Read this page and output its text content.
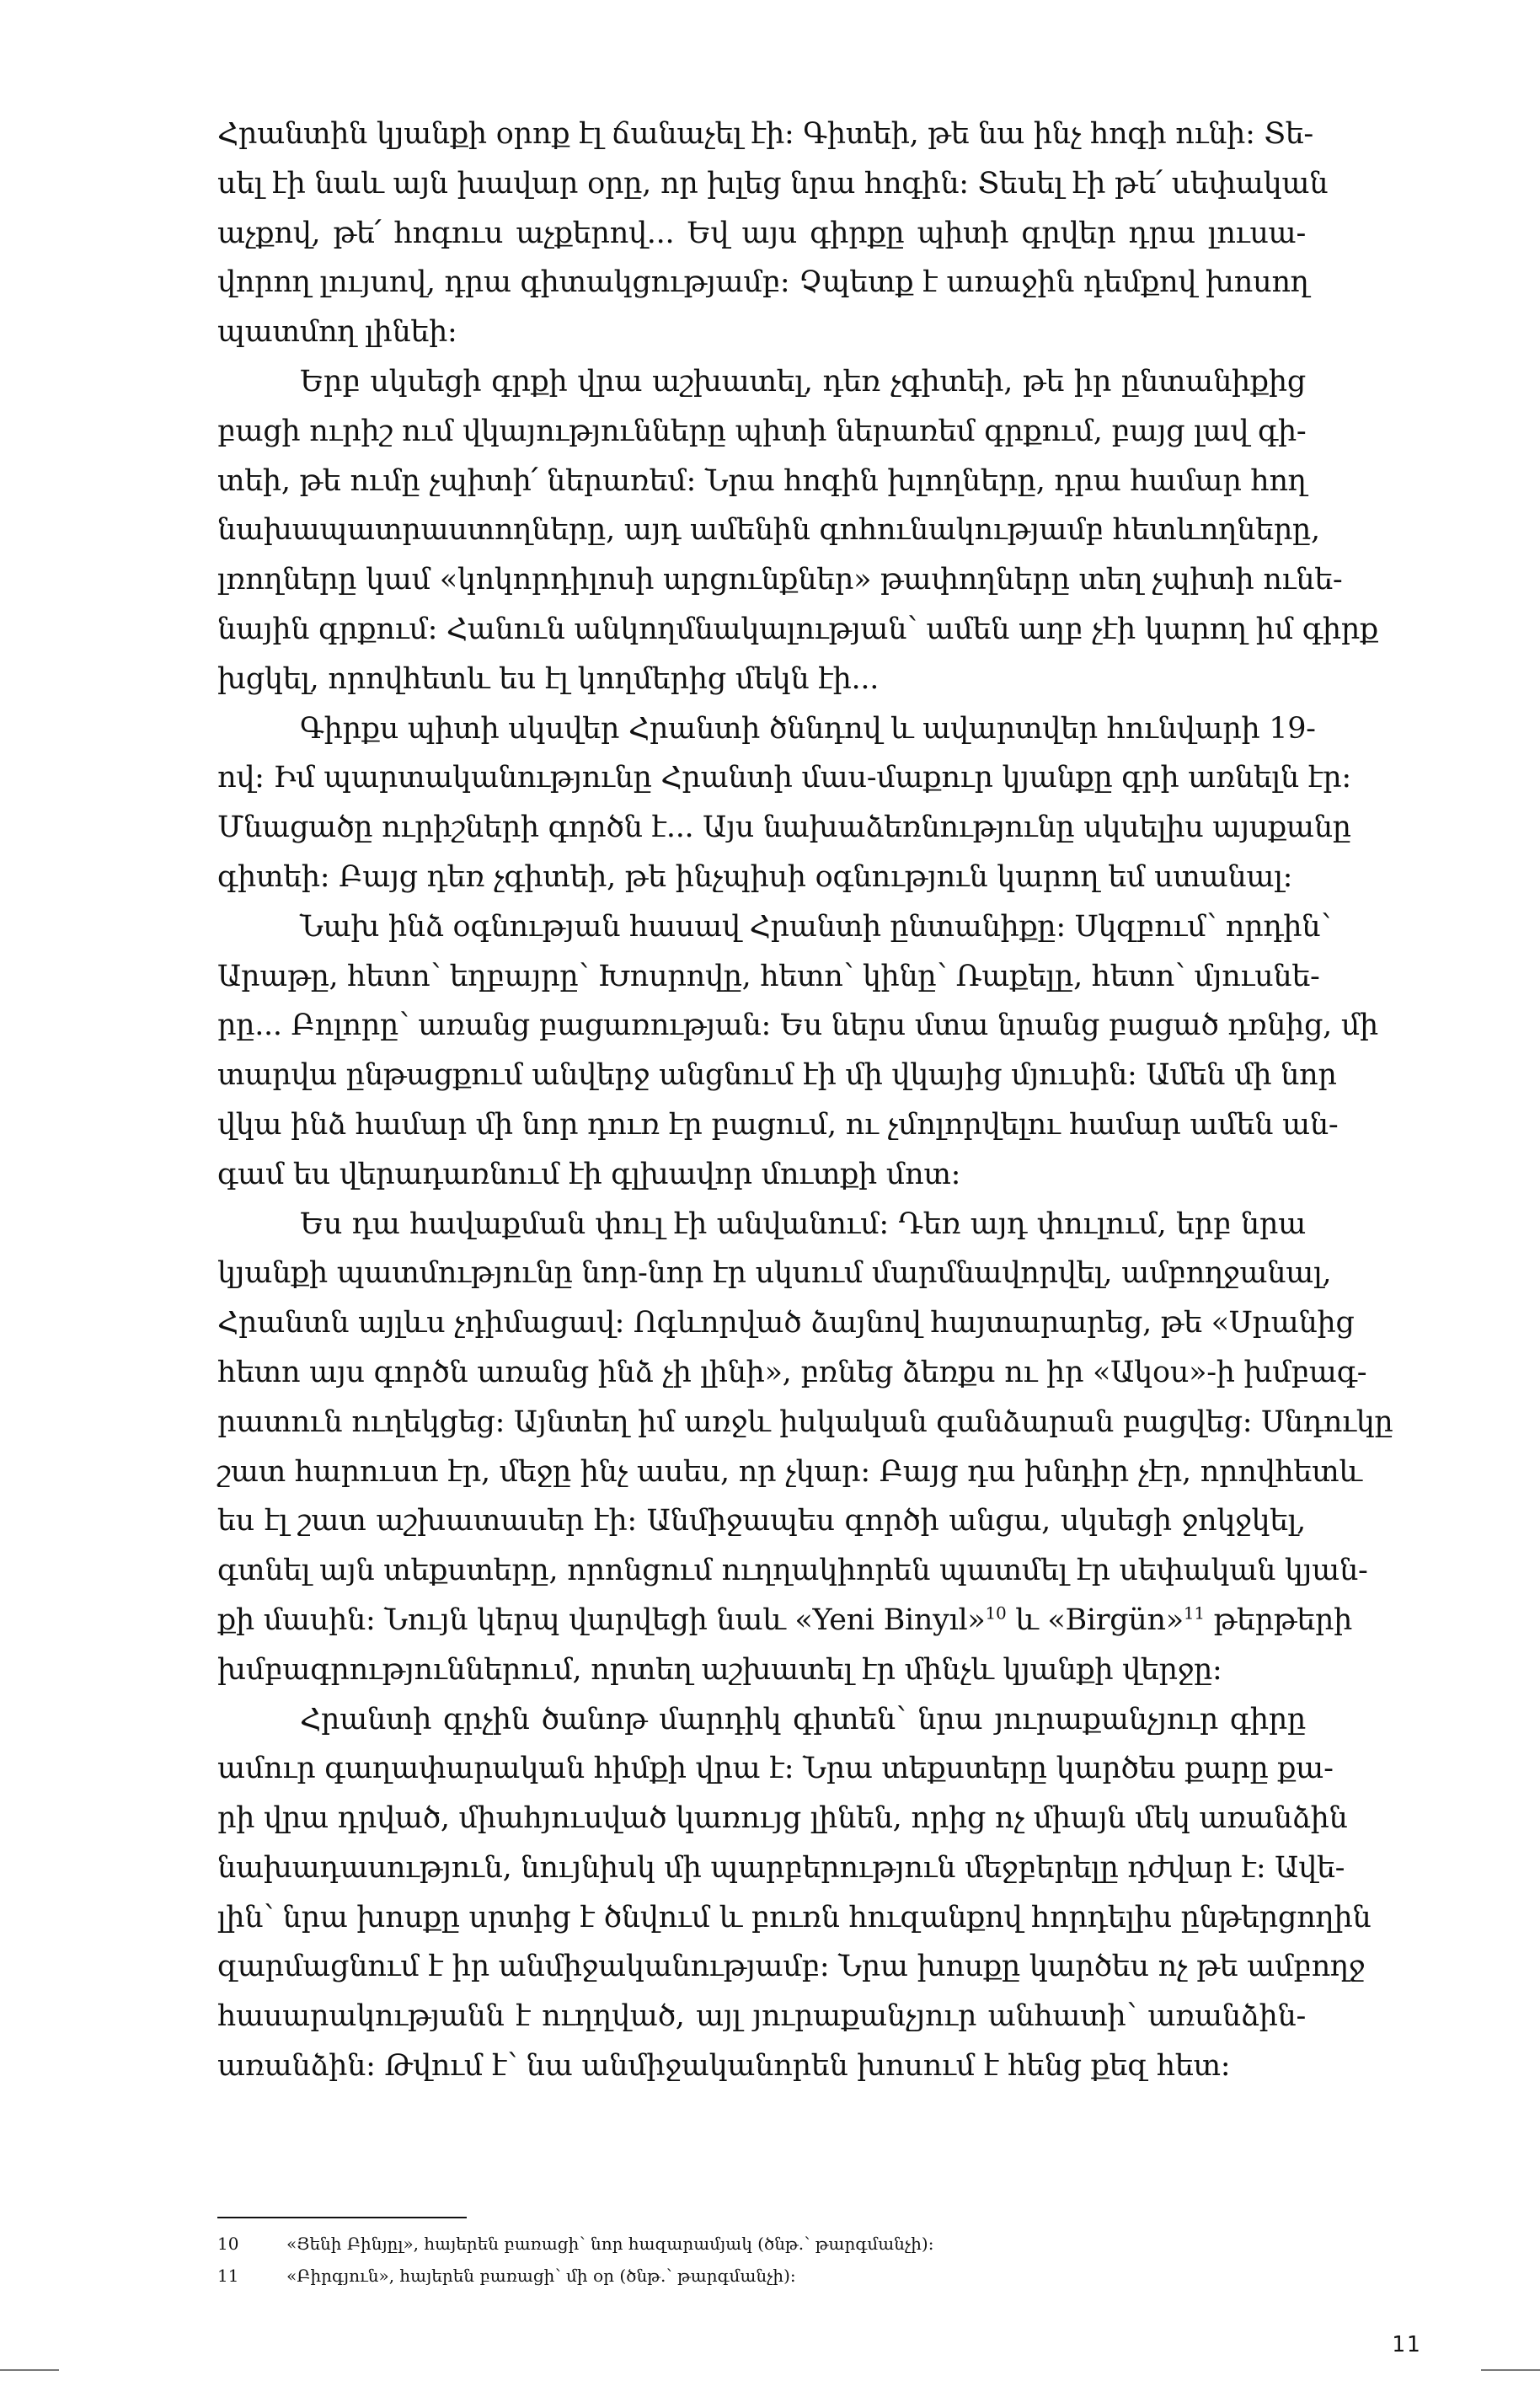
Հրանտին կյանքի օրոք էլ ճանաչել էի: Գիտեի, թե նա ինչ հոգի ունի: Տե-
սել էի նաև այն խավար օրը, որ խլեց նրա հոգին: Տեսել էի թե՛ սեփական
աչքով, թե՛ հոգուս աչքերով... Եվ այս գիրքը պիտի գրվեր դրա լուսա-
վորող լույսով, դրա գիտակցությամբ: Չպետք է առաջին դեմքով խոսող
պատմող լինեի:
Երբ սկսեցի գրքի վրա աշխատել, դեռ չգիտեի, թե իր ընտանիքից
բացի ուրիշ ում վկայությունները պիտի ներառեմ գրքում, բայց լավ գի-
տեի, թե ումը չպիտի՛ ներառեմ: Նրա հոգին խլողները, դրա համար հող
նախապատրաստողները, այդ ամենին գոհունակությամբ հետևողները,
լռողները կամ «կոկորդիլոսի արցունքներ» թափողները տեղ չպիտի ունե-
նային գրքում: Հանուն անկողմնակալության՝ ամեն աղբ չէի կարող իմ գիրք
խցկել, որովհետև ես էլ կողմերից մեկն էի...
Գիրքս պիտի սկսվեր Հրանտի ծննդով և ավարտվեր հունվարի 19-
ով: Իմ պարտականությունը Հրանտի մաս-մաքուր կյանքը գրի առնելն էր:
Մնացածը ուրիշների գործն է... Այս նախաձեռնությունը սկսելիս այսքանը
գիտեի: Բայց դեռ չգիտեի, թե ինչպիսի օգնություն կարող եմ ստանալ:
Նախ ինձ օգնության հասավ Հրանտի ընտանիքը: Սկզբում՝ որդին՝
Արաթը, հետո՝ եղբայրը՝ Խոսրովը, հետո՝ կինը՝ Ռաքելը, հետո՝ մյուսնե-
րը... Բոլորը՝ առանց բացառության: Ես ներս մտա նրանց բացած դռնից, մի
տարվա ընթացքում անվերջ անցնում էի մի վկայից մյուսին: Ամեն մի նոր
վկա ինձ համար մի նոր դուռ էր բացում, ու չմոլորվելու համար ամեն ան-
գամ ես վերադառնում էի գլխավոր մուտքի մոտ:
Ես դա հավաքման փուլ էի անվանում: Դեռ այդ փուլում, երբ նրա
կյանքի պատմությունը նոր-նոր էր սկսում մարմնավորվել, ամբողջանալ,
Հրանտն այլևս չդիմացավ: Ոգևորված ձայնով հայտարարեց, թե «Սրանից
հետո այս գործն առանց ինձ չի լինի», բռնեց ձեռքս ու իր «Ակօս»-ի խմբագ-
րատուն ուղեկցեց: Այնտեղ իմ առջև իսկական գանձարան բացվեց: Սնդուկը
շատ հարուստ էր, մեջը ինչ ասես, որ չկար: Բայց դա խնդիր չէր, որովհետև
ես էլ շատ աշխատասեր էի: Անմիջապես գործի անցա, սկսեցի ջոկջկել,
գտնել այն տեքստերը, որոնցում ուղղակիորեն պատմել էր սեփական կյան-
քի մասին: Նույն կերպ վարվեցի նաև «Yeni Binyıl»$^{10}$ և «Birgün»$^{11}$ թերթերի
խմբագրություններում, որտեղ աշխատել էր մինչև կյանքի վերջը:
Հրանտի գրչին ծանոթ մարդիկ գիտեն՝ նրա յուրաքանչյուր գիրը
ամուր գաղափարական հիմքի վրա է: Նրա տեքստերը կարծես քարը քա-
րի վրա դրված, միահյուսված կառույց լինեն, որից ոչ միայն մեկ առանձին
նախադասություն, նույնիսկ մի պարբերություն մեջբերելը դժվար է: Ավե-
լին՝ նրա խոսքը սրտից է ծնվում և բուռն հուզանքով հորդելիս ընթերցողին
զարմացնում է իր անմիջականությամբ: Նրա խոսքը կարծես ոչ թե ամբողջ
հասարակությանն է ուղղված, այլ յուրաքանչյուր անհատի՝ առանձին-
առանձին: Թվում է՝ նա անմիջականորեն խոսում է հենց քեզ հետ:
10	«Յենի Բինյըլ», հայերեն բառացի՝ նոր հազարամյակ (ծնթ.՝ թարգմանչի):
11	«Բիրգյուն», հայերեն բառացի՝ մի օր (ծնթ.՝ թարգմանչի):
11
